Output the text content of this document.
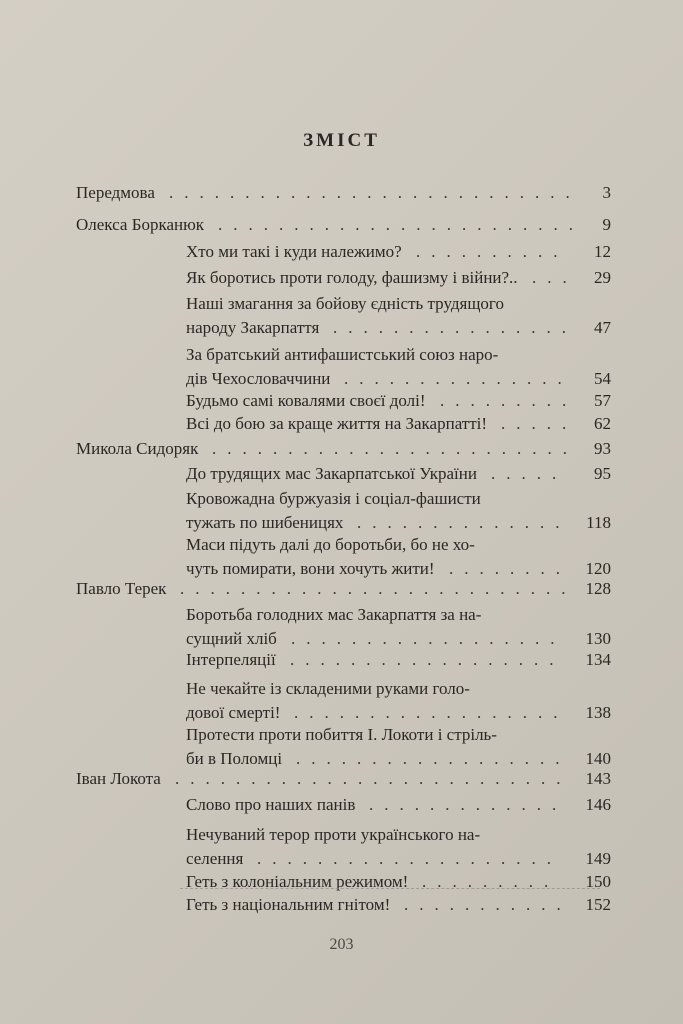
ЗМІСТ
Передмова ........................... 3
Олекса Борканюк ........................ 9
Хто ми такі і куди належимо? .......... 12
Як боротись проти голоду, фашизму і війни?.. ... 29
Наші змагання за бойову єдність трудящого
народу Закарпаття ................ 47
За братський антифашистський союз наро-
дів Чехословаччини ............... 54
Будьмо самі ковалями своєї долі! ......... 57
Всі до бою за краще життя на Закарпатті! ..... 62
Микола Сидоряк ........................ 93
До трудящих мас Закарпатської України ..... 95
Кровожадна буржуазія і соціал-фашисти
тужать по шибеницях .............. 118
Маси підуть далі до боротьби, бо не хо-
чуть помирати, вони хочуть жити! ........ 120
Павло Терек .......................... 128
Боротьба голодних мас Закарпаття за на-
сущний хліб .................. 130
Інтерпеляції .................. 134
Не чекайте із складеними руками голо-
дової смерті! .................. 138
Протести проти побиття І. Локоти і стріль-
би в Поломці .................. 140
Іван Локота .......................... 143
Слово про наших панів ............. 146
Нечуваний терор проти українського на-
селення .................... 149
Геть з колоніальним режимом! ......... 150
Геть з національним гнітом! ........... 152
203
